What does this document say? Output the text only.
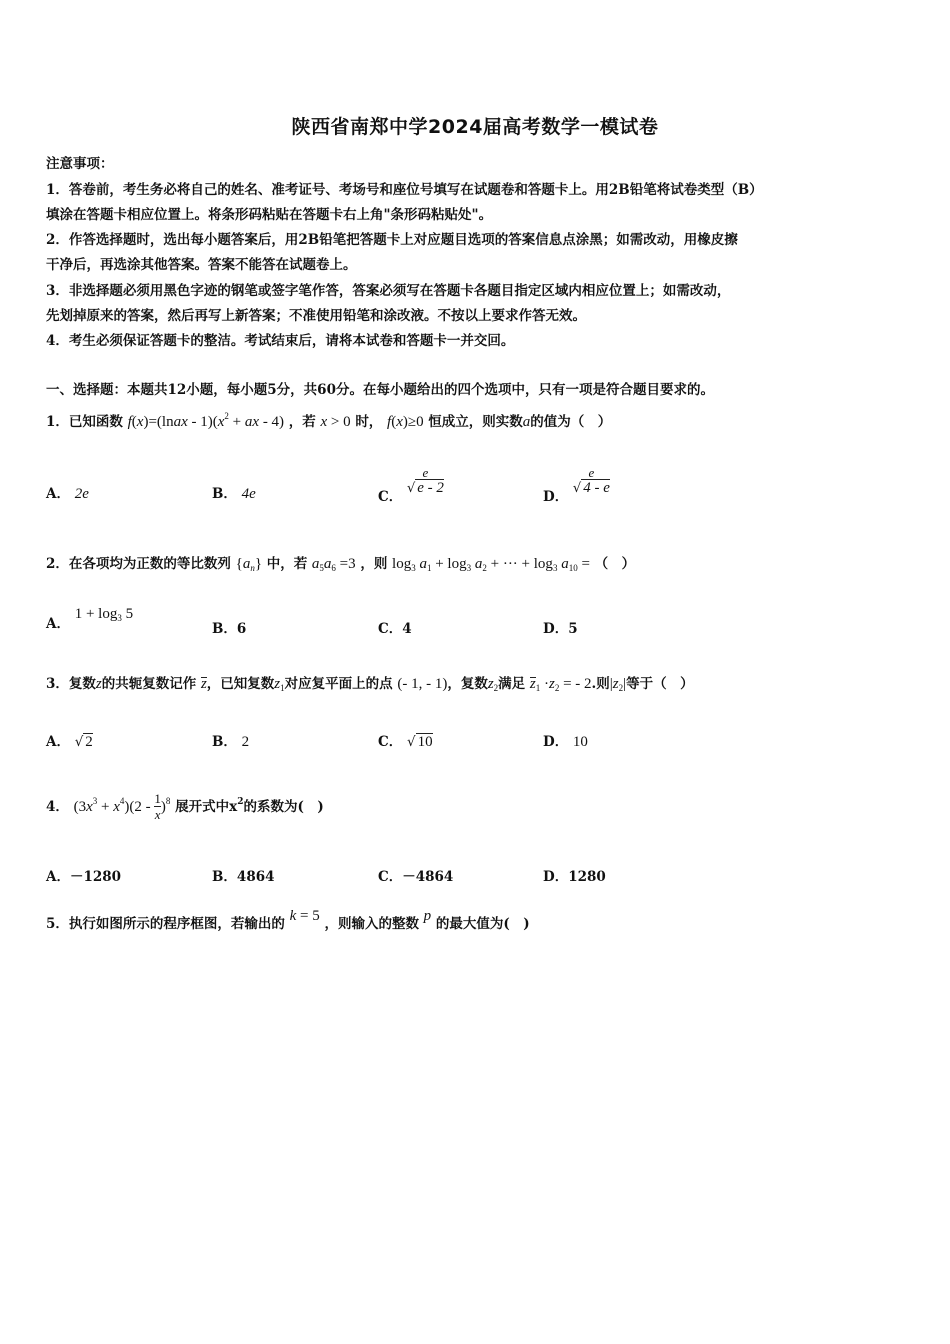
陕西省南郑中学2024届高考数学一模试卷
注意事项：
1．答卷前，考生务必将自己的姓名、准考证号、考场号和座位号填写在试题卷和答题卡上。用2B铅笔将试卷类型（B）
填涂在答题卡相应位置上。将条形码粘贴在答题卡右上角"条形码粘贴处"。
2．作答选择题时，选出每小题答案后，用2B铅笔把答题卡上对应题目选项的答案信息点涂黑；如需改动，用橡皮擦
干净后，再选涂其他答案。答案不能答在试题卷上。
3．非选择题必须用黑色字迹的钢笔或签字笔作答，答案必须写在答题卡各题目指定区域内相应位置上；如需改动，
先划掉原来的答案，然后再写上新答案；不准使用铅笔和涂改液。不按以上要求作答无效。
4．考生必须保证答题卡的整洁。考试结束后，请将本试卷和答题卡一并交回。
一、选择题：本题共12小题，每小题5分，共60分。在每小题给出的四个选项中，只有一项是符合题目要求的。
1．已知函数 f(x)=(lnax - $1)(x^2$ + ax - 4) ，若 x > 0 时， f(x)≥0 恒成立，则实数a的值为（　）
A． 2e	B． 4e	C．
e
√ e - 2
D．
e
√ 4 - e
2．在各项均为正数的等比数列 $\{a_n\}$ 中，若 $a_5a_6 =3$ ，则 $\log_3 a_1 + \log_3 a_2$ + ··· + $\log_3 a_{10}$ = （　）
A． $1 + \log_3 5$
B．6	C．4	D．5
3．复数z的共轭复数记作 z，已知复数$z_1$对应复平面上的点 (- 1, - 1)，复数$z_2$满足 $z_1 \cdot z_2$ = - 2.则$|z_2|$等于（　）
A． √ 2	B． 2	C． √ 10	D． 10
4． $(3x^3 + x^4)(2 - \frac{1}{x} )^8$ 展开式中$x^2$的系数为(　)
A．－1280	B．4864	C．－4864	D．1280
5．执行如图所示的程序框图，若输出的 k = 5 ，则输入的整数 p 的最大值为(　)
